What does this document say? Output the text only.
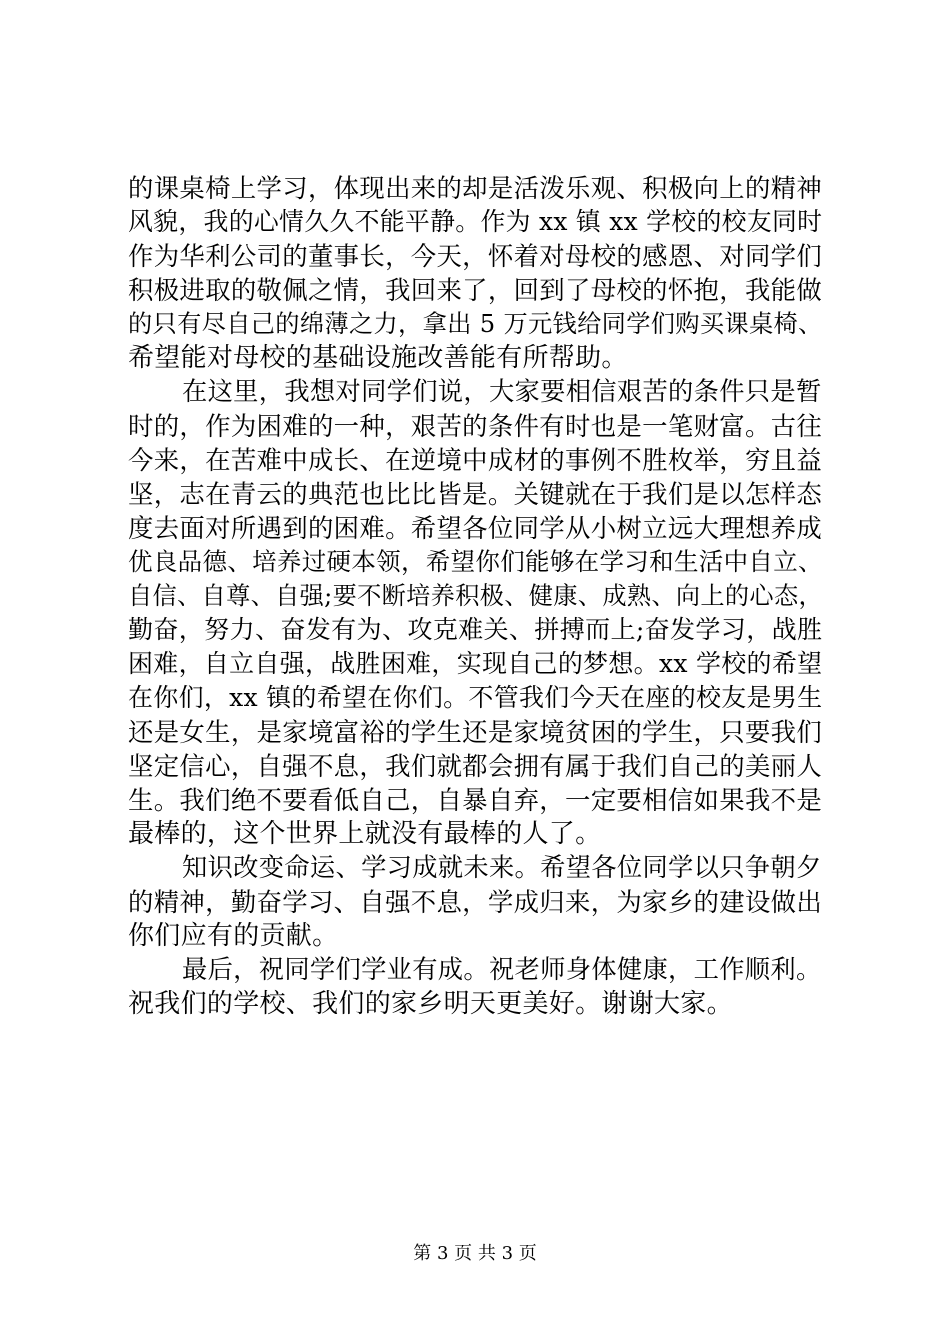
的课桌椅上学习，体现出来的却是活泼乐观、积极向上的精神
风貌，我的心情久久不能平静。作为 xx 镇 xx 学校的校友同时
作为华利公司的董事长，今天，怀着对母校的感恩、对同学们
积极进取的敬佩之情，我回来了，回到了母校的怀抱，我能做
的只有尽自己的绵薄之力，拿出 5 万元钱给同学们购买课桌椅、
希望能对母校的基础设施改善能有所帮助。
在这里，我想对同学们说，大家要相信艰苦的条件只是暂
时的，作为困难的一种，艰苦的条件有时也是一笔财富。古往
今来，在苦难中成长、在逆境中成材的事例不胜枚举，穷且益
坚，志在青云的典范也比比皆是。关键就在于我们是以怎样态
度去面对所遇到的困难。希望各位同学从小树立远大理想养成
优良品德、培养过硬本领，希望你们能够在学习和生活中自立、
自信、自尊、自强;要不断培养积极、健康、成熟、向上的心态，
勤奋，努力、奋发有为、攻克难关、拼搏而上;奋发学习，战胜
困难，自立自强，战胜困难，实现自己的梦想。xx 学校的希望
在你们，xx 镇的希望在你们。不管我们今天在座的校友是男生
还是女生，是家境富裕的学生还是家境贫困的学生，只要我们
坚定信心，自强不息，我们就都会拥有属于我们自己的美丽人
生。我们绝不要看低自己，自暴自弃，一定要相信如果我不是
最棒的，这个世界上就没有最棒的人了。
知识改变命运、学习成就未来。希望各位同学以只争朝夕
的精神，勤奋学习、自强不息，学成归来，为家乡的建设做出
你们应有的贡献。
最后，祝同学们学业有成。祝老师身体健康，工作顺利。
祝我们的学校、我们的家乡明天更美好。谢谢大家。
第 3 页 共 3 页
